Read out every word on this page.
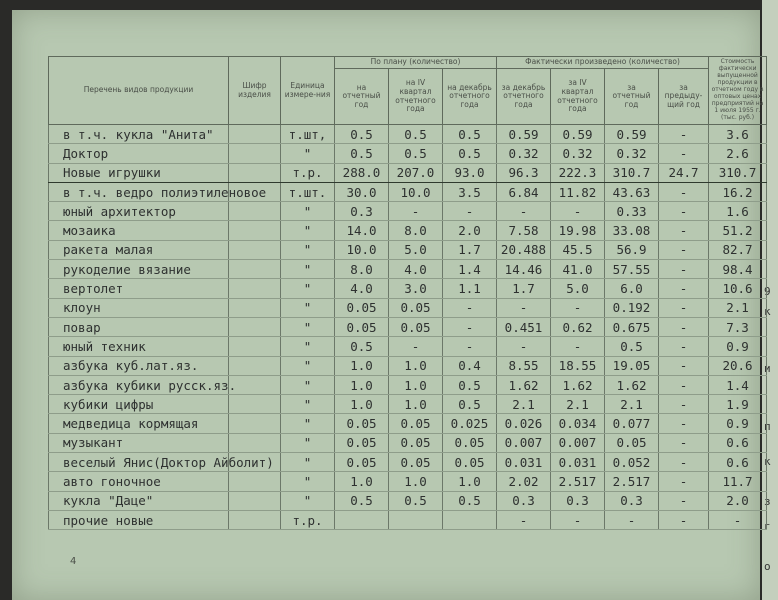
9
к
и
п
к
з
г
о
Перечень видов продукции	Шифр изделия	Единица измере-ния	По плану (количество)			Фактически произведено (количество)				Стоимость фактически выпущенной продукции в отчетном году в оптовых ценах предприятий на 1 июля 1955 г. (тыс. руб.)
			на отчетный год	на IV квартал отчетного года	на декабрь отчетного года	за декабрь отчетного года	за IV квартал отчетного года	за отчетный год	за предыду-щий год	
в т.ч. кукла "Анита"		т.шт,	0.5	0.5	0.5	0.59	0.59	0.59	-	3.6
Доктор		"	0.5	0.5	0.5	0.32	0.32	0.32	-	2.6
Новые игрушки		т.р.	288.0	207.0	93.0	96.3	222.3	310.7	24.7	310.7
в т.ч. ведро полиэтиленовое		т.шт.	30.0	10.0	3.5	6.84	11.82	43.63	-	16.2
юный архитектор		"	0.3	-	-	-	-	0.33	-	1.6
мозаика		"	14.0	8.0	2.0	7.58	19.98	33.08	-	51.2
ракета малая		"	10.0	5.0	1.7	20.488	45.5	56.9	-	82.7
рукоделие вязание		"	8.0	4.0	1.4	14.46	41.0	57.55	-	98.4
вертолет		"	4.0	3.0	1.1	1.7	5.0	6.0	-	10.6
клоун		"	0.05	0.05	-	-	-	0.192	-	2.1
повар		"	0.05	0.05	-	0.451	0.62	0.675	-	7.3
юный техник		"	0.5	-	-	-	-	0.5	-	0.9
азбука куб.лат.яз.		"	1.0	1.0	0.4	8.55	18.55	19.05	-	20.6
азбука кубики русск.яз.		"	1.0	1.0	0.5	1.62	1.62	1.62	-	1.4
кубики цифры		"	1.0	1.0	0.5	2.1	2.1	2.1	-	1.9
медведица кормящая		"	0.05	0.05	0.025	0.026	0.034	0.077	-	0.9
музыкант		"	0.05	0.05	0.05	0.007	0.007	0.05	-	0.6
веселый Янис(Доктор Айболит)		"	0.05	0.05	0.05	0.031	0.031	0.052	-	0.6
авто гоночное		"	1.0	1.0	1.0	2.02	2.517	2.517	-	11.7
кукла "Даце"		"	0.5	0.5	0.5	0.3	0.3	0.3	-	2.0
прочие новые		т.р.				-	-	-	-	-
4
